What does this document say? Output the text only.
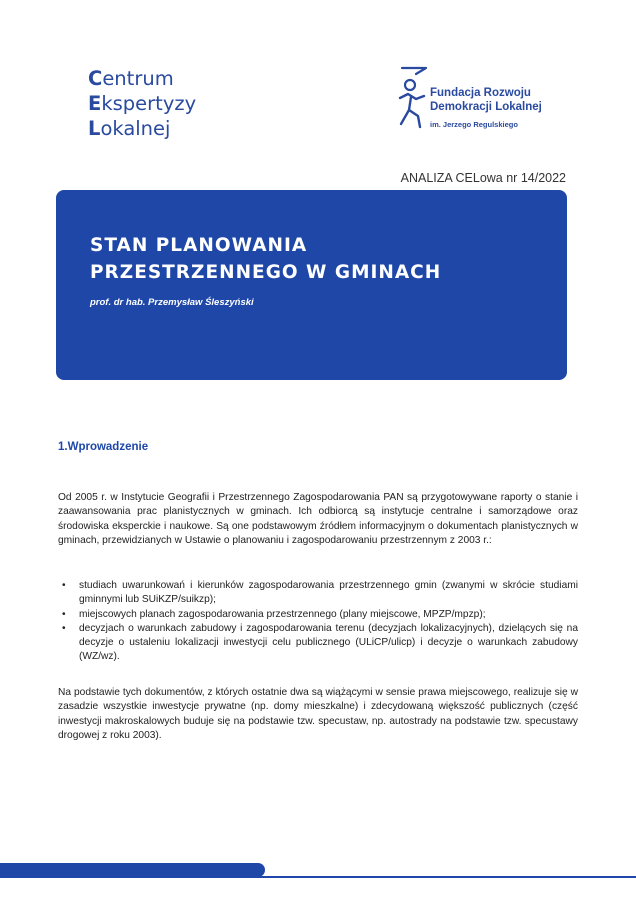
Centrum
Ekspertyzy
Lokalnej
Fundacja Rozwoju
Demokracji Lokalnej
im. Jerzego Regulskiego
ANALIZA CELowa nr 14/2022
STAN PLANOWANIA
PRZESTRZENNEGO W GMINACH
prof. dr hab. Przemysław Śleszyński
1.Wprowadzenie
Od 2005 r. w Instytucie Geografii i Przestrzennego Zagospodarowania PAN są przygotowywane raporty o stanie i zaawansowania prac planistycznych w gminach. Ich odbiorcą są instytucje centralne i samorządowe oraz środowiska eksperckie i naukowe. Są one podstawowym źródłem informacyjnym o dokumentach planistycznych w gminach, przewidzianych w Ustawie o planowaniu i zagospodarowaniu przestrzennym z 2003 r.:
• studiach uwarunkowań i kierunków zagospodarowania przestrzennego gmin (zwanymi w skrócie studiami gminnymi lub SUiKZP/suikzp);
• miejscowych planach zagospodarowania przestrzennego (plany miejscowe, MPZP/mpzp);
• decyzjach o warunkach zabudowy i zagospodarowania terenu (decyzjach lokalizacyjnych), dzielących się na decyzje o ustaleniu lokalizacji inwestycji celu publicznego (ULiCP/ulicp) i decyzje o warunkach zabudowy (WZ/wz).
Na podstawie tych dokumentów, z których ostatnie dwa są wiążącymi w sensie prawa miejscowego, realizuje się w zasadzie wszystkie inwestycje prywatne (np. domy mieszkalne) i zdecydowaną większość publicznych (część inwestycji makroskalowych buduje się na podstawie tzw. specustaw, np. autostrady na podstawie tzw. specustawy drogowej z roku 2003).
